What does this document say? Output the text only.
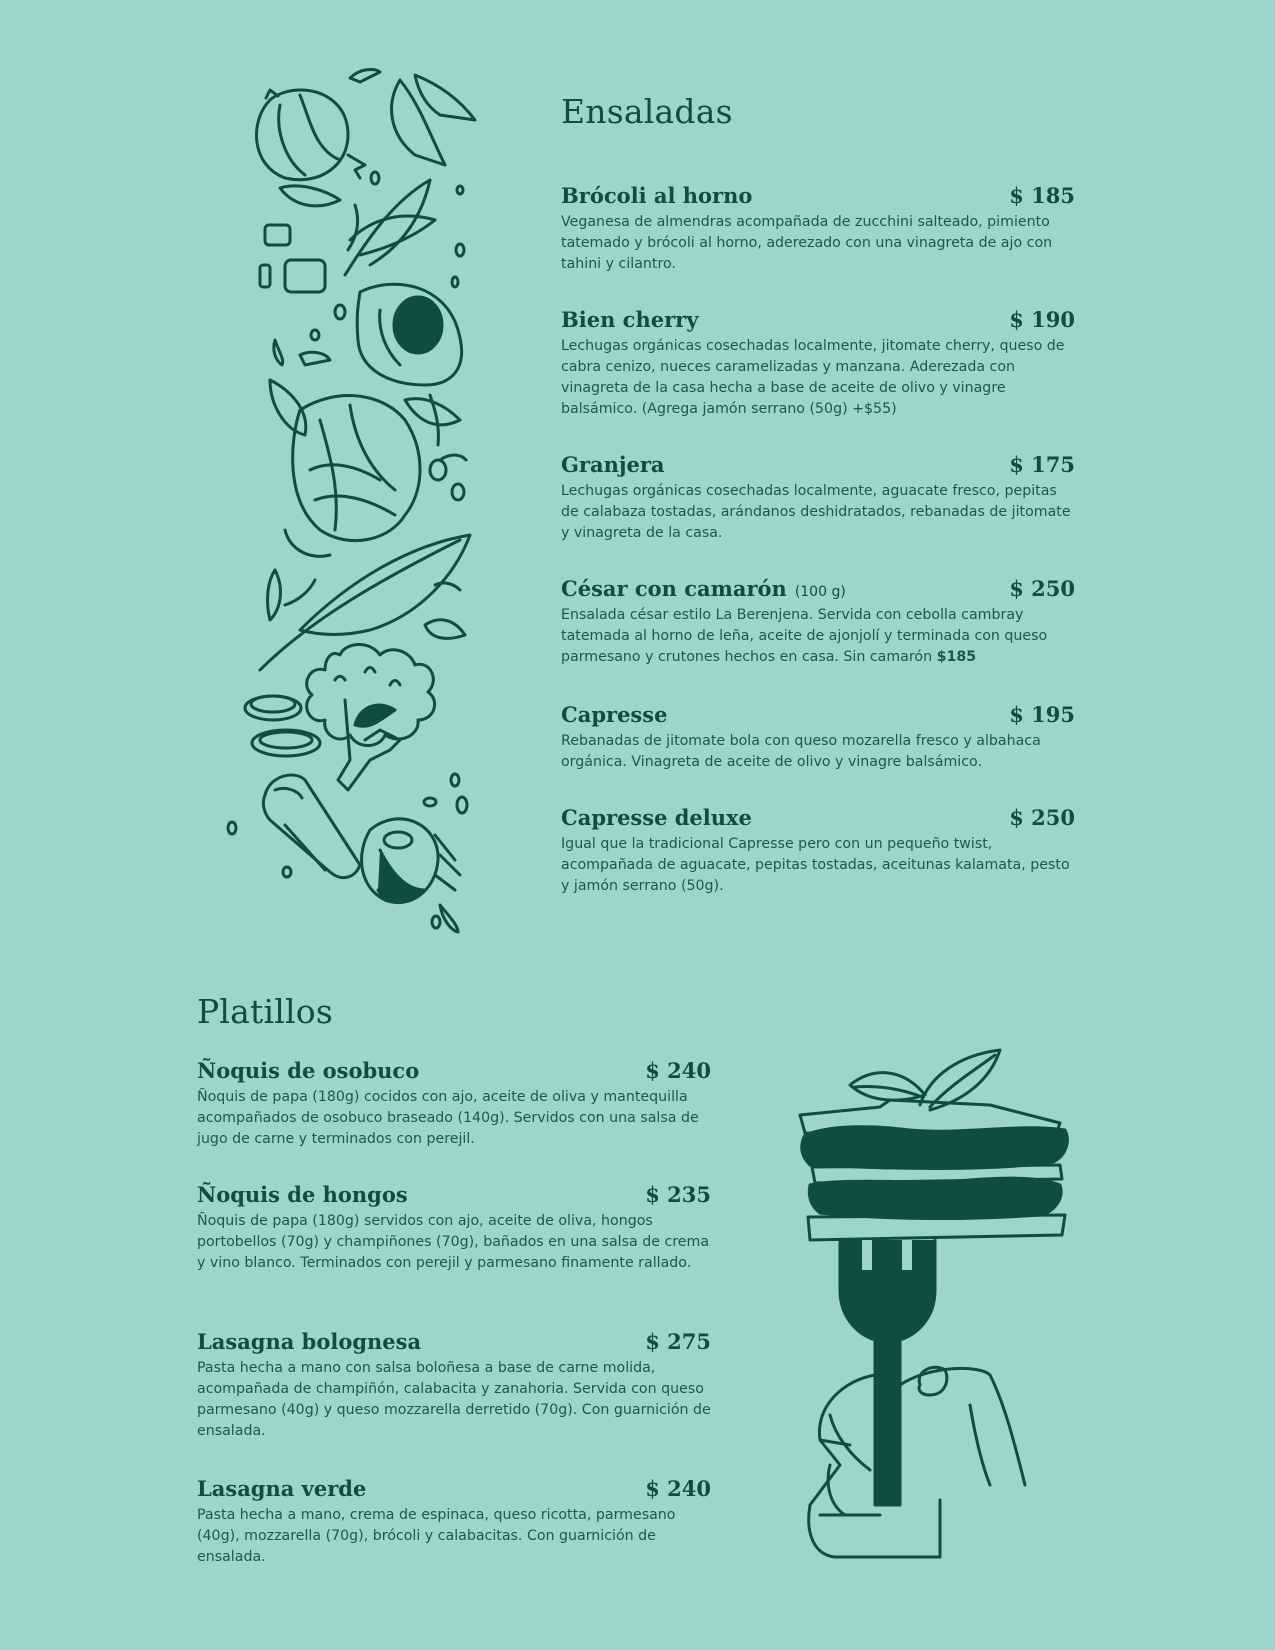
Ensaladas
Brócoli al horno	$ 185
Veganesa de almendras acompañada de zucchini salteado, pimiento tatemado y brócoli al horno, aderezado con una vinagreta de ajo con tahini y cilantro.
Bien cherry	$ 190
Lechugas orgánicas cosechadas localmente, jitomate cherry, queso de cabra cenizo, nueces caramelizadas y manzana. Aderezada con vinagreta de la casa hecha a base de aceite de olivo y vinagre balsámico. (Agrega jamón serrano (50g) +$55)
Granjera	$ 175
Lechugas orgánicas cosechadas localmente, aguacate fresco, pepitas de calabaza tostadas, arándanos deshidratados, rebanadas de jitomate y vinagreta de la casa.
César con camarón (100 g)	$ 250
Ensalada césar estilo La Berenjena. Servida con cebolla cambray tatemada al horno de leña, aceite de ajonjolí y terminada con queso parmesano y crutones hechos en casa. Sin camarón $185
Capresse	$ 195
Rebanadas de jitomate bola con queso mozarella fresco y albahaca orgánica. Vinagreta de aceite de olivo y vinagre balsámico.
Capresse deluxe	$ 250
Igual que la tradicional Capresse pero con un pequeño twist, acompañada de aguacate, pepitas tostadas, aceitunas kalamata, pesto y jamón serrano (50g).
Platillos
Ñoquis de osobuco	$ 240
Ñoquis de papa (180g) cocidos con ajo, aceite de oliva y mantequilla acompañados de osobuco braseado (140g). Servidos con una salsa de jugo de carne y terminados con perejil.
Ñoquis de hongos	$ 235
Ñoquis de papa (180g) servidos con ajo, aceite de oliva, hongos portobellos (70g) y champiñones (70g), bañados en una salsa de crema y vino blanco. Terminados con perejil y parmesano finamente rallado.
Lasagna bolognesa	$ 275
Pasta hecha a mano con salsa boloñesa a base de carne molida, acompañada de champiñón, calabacita y zanahoria. Servida con queso parmesano (40g) y queso mozzarella derretido (70g). Con guarnición de ensalada.
Lasagna verde	$ 240
Pasta hecha a mano, crema de espinaca, queso ricotta, parmesano (40g), mozzarella (70g), brócoli y calabacitas. Con guarnición de ensalada.
